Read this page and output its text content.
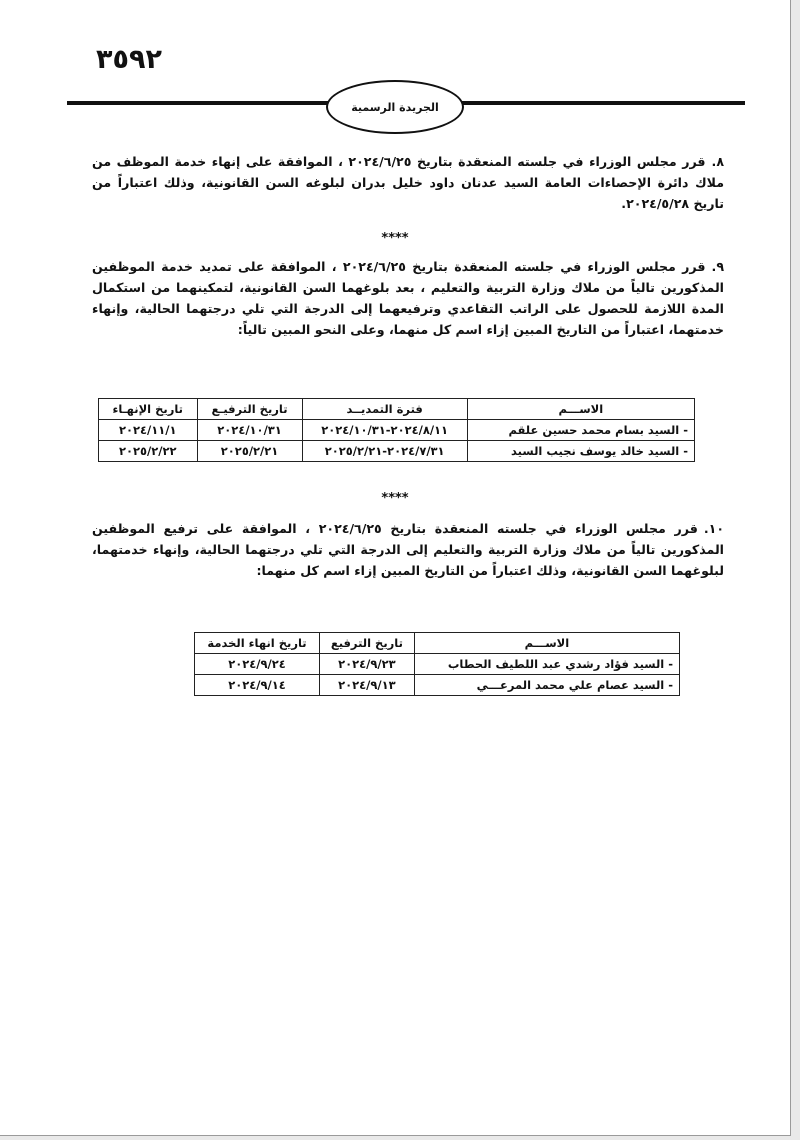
٣٥٩٢
الجريدة الرسمية
٨.قرر مجلس الوزراء في جلسته المنعقدة بتاريخ ٢٠٢٤/٦/٢٥ ، الموافقة على إنهاء خدمة الموظف من ملاك دائرة الإحصاءات العامة السيد عدنان داود خليل بدران لبلوغه السن القانونية، وذلك اعتباراً من تاريخ ٢٠٢٤/٥/٢٨.
****
٩.قرر مجلس الوزراء في جلسته المنعقدة بتاريخ ٢٠٢٤/٦/٢٥ ، الموافقة على تمديد خدمة الموظفين المذكورين تالياً من ملاك وزارة التربية والتعليم ، بعد بلوغهما السن القانونية، لتمكينهما من استكمال المدة اللازمة للحصول على الراتب التقاعدي وترفيعهما إلى الدرجة التي تلي درجتهما الحالية، وإنهاء خدمتهما، اعتباراً من التاريخ المبين إزاء اسم كل منهما، وعلى النحو المبين تالياً:
الاســـم	فترة التمديــد	تاريخ الترفيـع	تاريخ الإنهـاء
- السيد بسام محمد حسين علقم	٢٠٢٤/٨/١١-٢٠٢٤/١٠/٣١	٢٠٢٤/١٠/٣١	٢٠٢٤/١١/١
- السيد خالد يوسف نجيب السيد	٢٠٢٤/٧/٣١-٢٠٢٥/٢/٢١	٢٠٢٥/٢/٢١	٢٠٢٥/٢/٢٢
****
١٠.قرر مجلس الوزراء في جلسته المنعقدة بتاريخ ٢٠٢٤/٦/٢٥ ، الموافقة على ترفيع الموظفين المذكورين تالياً من ملاك وزارة التربية والتعليم إلى الدرجة التي تلي درجتهما الحالية، وإنهاء خدمتهما، لبلوغهما السن القانونية، وذلك اعتباراً من التاريخ المبين إزاء اسم كل منهما:
الاســـم	تاريخ الترفيع	تاريخ انهاء الخدمة
- السيد فؤاد رشدي عبد اللطيف الحطاب	٢٠٢٤/٩/٢٣	٢٠٢٤/٩/٢٤
- السيد عصام علي محمد المرعـــي	٢٠٢٤/٩/١٣	٢٠٢٤/٩/١٤
